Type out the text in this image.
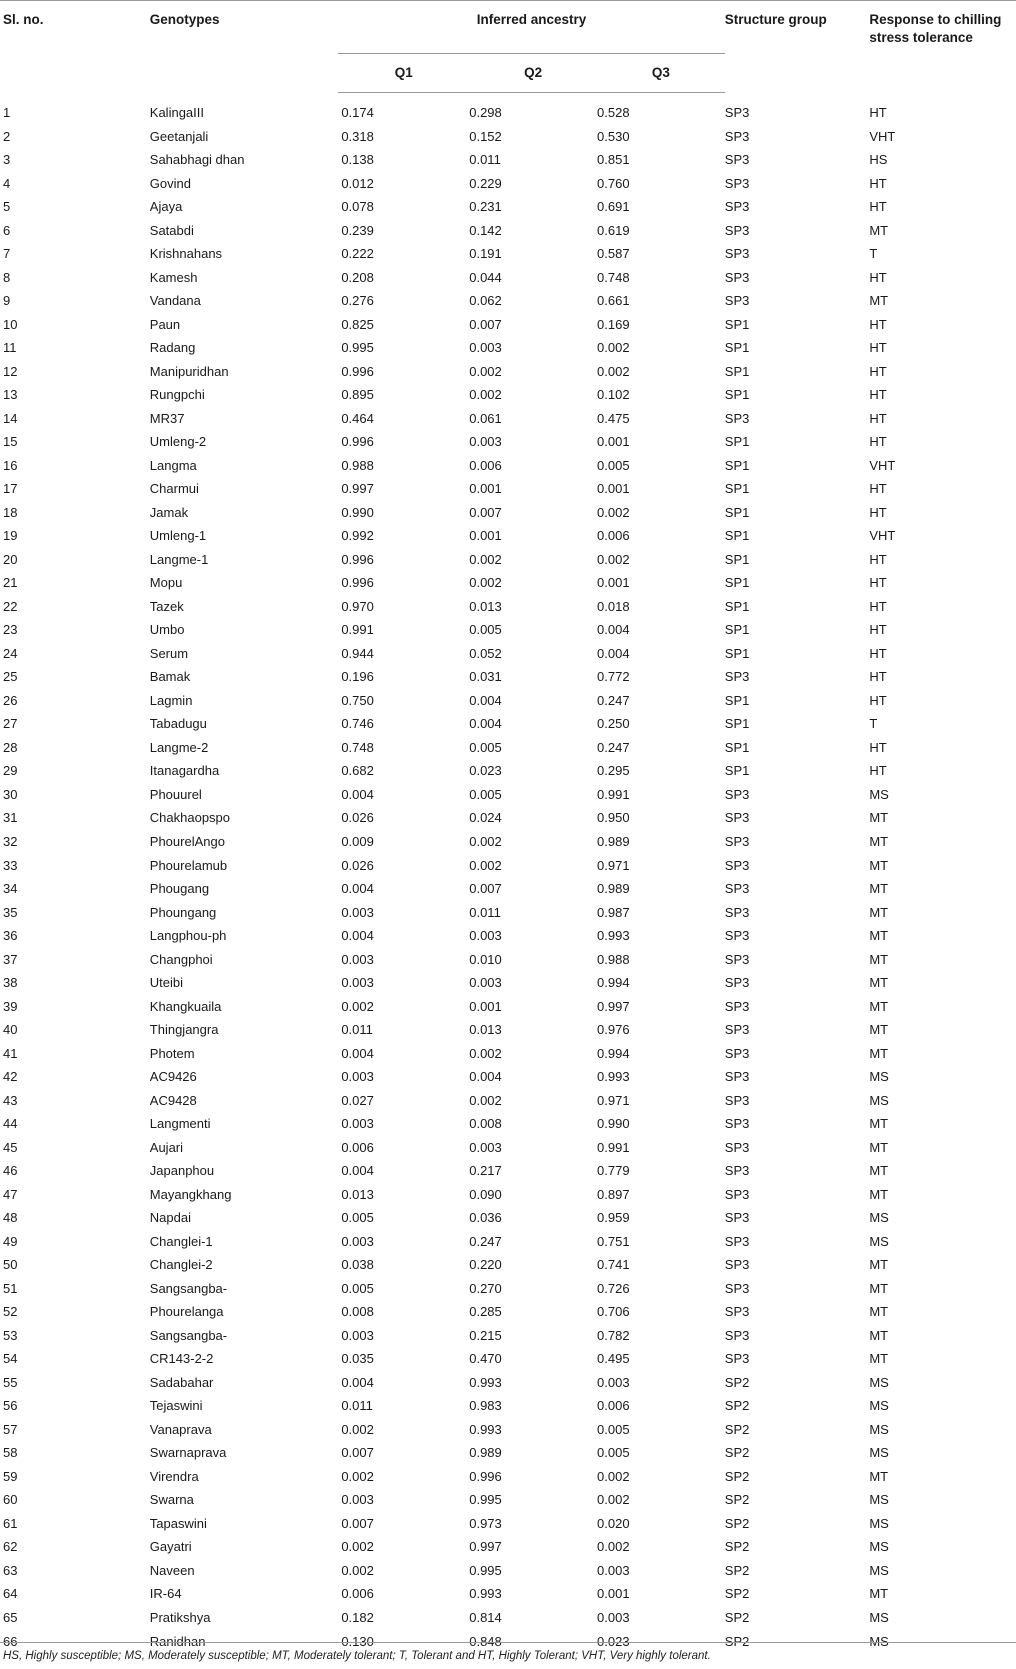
Sl. no.	Genotypes	Inferred ancestry			Structure group	Response to chilling stress tolerance
		Q1	Q2	Q3		
1	KalingaIII	0.174	0.298	0.528	SP3	HT
2	Geetanjali	0.318	0.152	0.530	SP3	VHT
3	Sahabhagi dhan	0.138	0.011	0.851	SP3	HS
4	Govind	0.012	0.229	0.760	SP3	HT
5	Ajaya	0.078	0.231	0.691	SP3	HT
6	Satabdi	0.239	0.142	0.619	SP3	MT
7	Krishnahans	0.222	0.191	0.587	SP3	T
8	Kamesh	0.208	0.044	0.748	SP3	HT
9	Vandana	0.276	0.062	0.661	SP3	MT
10	Paun	0.825	0.007	0.169	SP1	HT
11	Radang	0.995	0.003	0.002	SP1	HT
12	Manipuridhan	0.996	0.002	0.002	SP1	HT
13	Rungpchi	0.895	0.002	0.102	SP1	HT
14	MR37	0.464	0.061	0.475	SP3	HT
15	Umleng-2	0.996	0.003	0.001	SP1	HT
16	Langma	0.988	0.006	0.005	SP1	VHT
17	Charmui	0.997	0.001	0.001	SP1	HT
18	Jamak	0.990	0.007	0.002	SP1	HT
19	Umleng-1	0.992	0.001	0.006	SP1	VHT
20	Langme-1	0.996	0.002	0.002	SP1	HT
21	Mopu	0.996	0.002	0.001	SP1	HT
22	Tazek	0.970	0.013	0.018	SP1	HT
23	Umbo	0.991	0.005	0.004	SP1	HT
24	Serum	0.944	0.052	0.004	SP1	HT
25	Bamak	0.196	0.031	0.772	SP3	HT
26	Lagmin	0.750	0.004	0.247	SP1	HT
27	Tabadugu	0.746	0.004	0.250	SP1	T
28	Langme-2	0.748	0.005	0.247	SP1	HT
29	Itanagardha	0.682	0.023	0.295	SP1	HT
30	Phouurel	0.004	0.005	0.991	SP3	MS
31	Chakhaopspo	0.026	0.024	0.950	SP3	MT
32	PhourelAngo	0.009	0.002	0.989	SP3	MT
33	Phourelamub	0.026	0.002	0.971	SP3	MT
34	Phougang	0.004	0.007	0.989	SP3	MT
35	Phoungang	0.003	0.011	0.987	SP3	MT
36	Langphou-ph	0.004	0.003	0.993	SP3	MT
37	Changphoi	0.003	0.010	0.988	SP3	MT
38	Uteibi	0.003	0.003	0.994	SP3	MT
39	Khangkuaila	0.002	0.001	0.997	SP3	MT
40	Thingjangra	0.011	0.013	0.976	SP3	MT
41	Photem	0.004	0.002	0.994	SP3	MT
42	AC9426	0.003	0.004	0.993	SP3	MS
43	AC9428	0.027	0.002	0.971	SP3	MS
44	Langmenti	0.003	0.008	0.990	SP3	MT
45	Aujari	0.006	0.003	0.991	SP3	MT
46	Japanphou	0.004	0.217	0.779	SP3	MT
47	Mayangkhang	0.013	0.090	0.897	SP3	MT
48	Napdai	0.005	0.036	0.959	SP3	MS
49	Changlei-1	0.003	0.247	0.751	SP3	MS
50	Changlei-2	0.038	0.220	0.741	SP3	MT
51	Sangsangba-	0.005	0.270	0.726	SP3	MT
52	Phourelanga	0.008	0.285	0.706	SP3	MT
53	Sangsangba-	0.003	0.215	0.782	SP3	MT
54	CR143-2-2	0.035	0.470	0.495	SP3	MT
55	Sadabahar	0.004	0.993	0.003	SP2	MS
56	Tejaswini	0.011	0.983	0.006	SP2	MS
57	Vanaprava	0.002	0.993	0.005	SP2	MS
58	Swarnaprava	0.007	0.989	0.005	SP2	MS
59	Virendra	0.002	0.996	0.002	SP2	MT
60	Swarna	0.003	0.995	0.002	SP2	MS
61	Tapaswini	0.007	0.973	0.020	SP2	MS
62	Gayatri	0.002	0.997	0.002	SP2	MS
63	Naveen	0.002	0.995	0.003	SP2	MS
64	IR-64	0.006	0.993	0.001	SP2	MT
65	Pratikshya	0.182	0.814	0.003	SP2	MS
66	Ranidhan	0.130	0.848	0.023	SP2	MS
HS, Highly susceptible; MS, Moderately susceptible; MT, Moderately tolerant; T, Tolerant and HT, Highly Tolerant; VHT, Very highly tolerant.
